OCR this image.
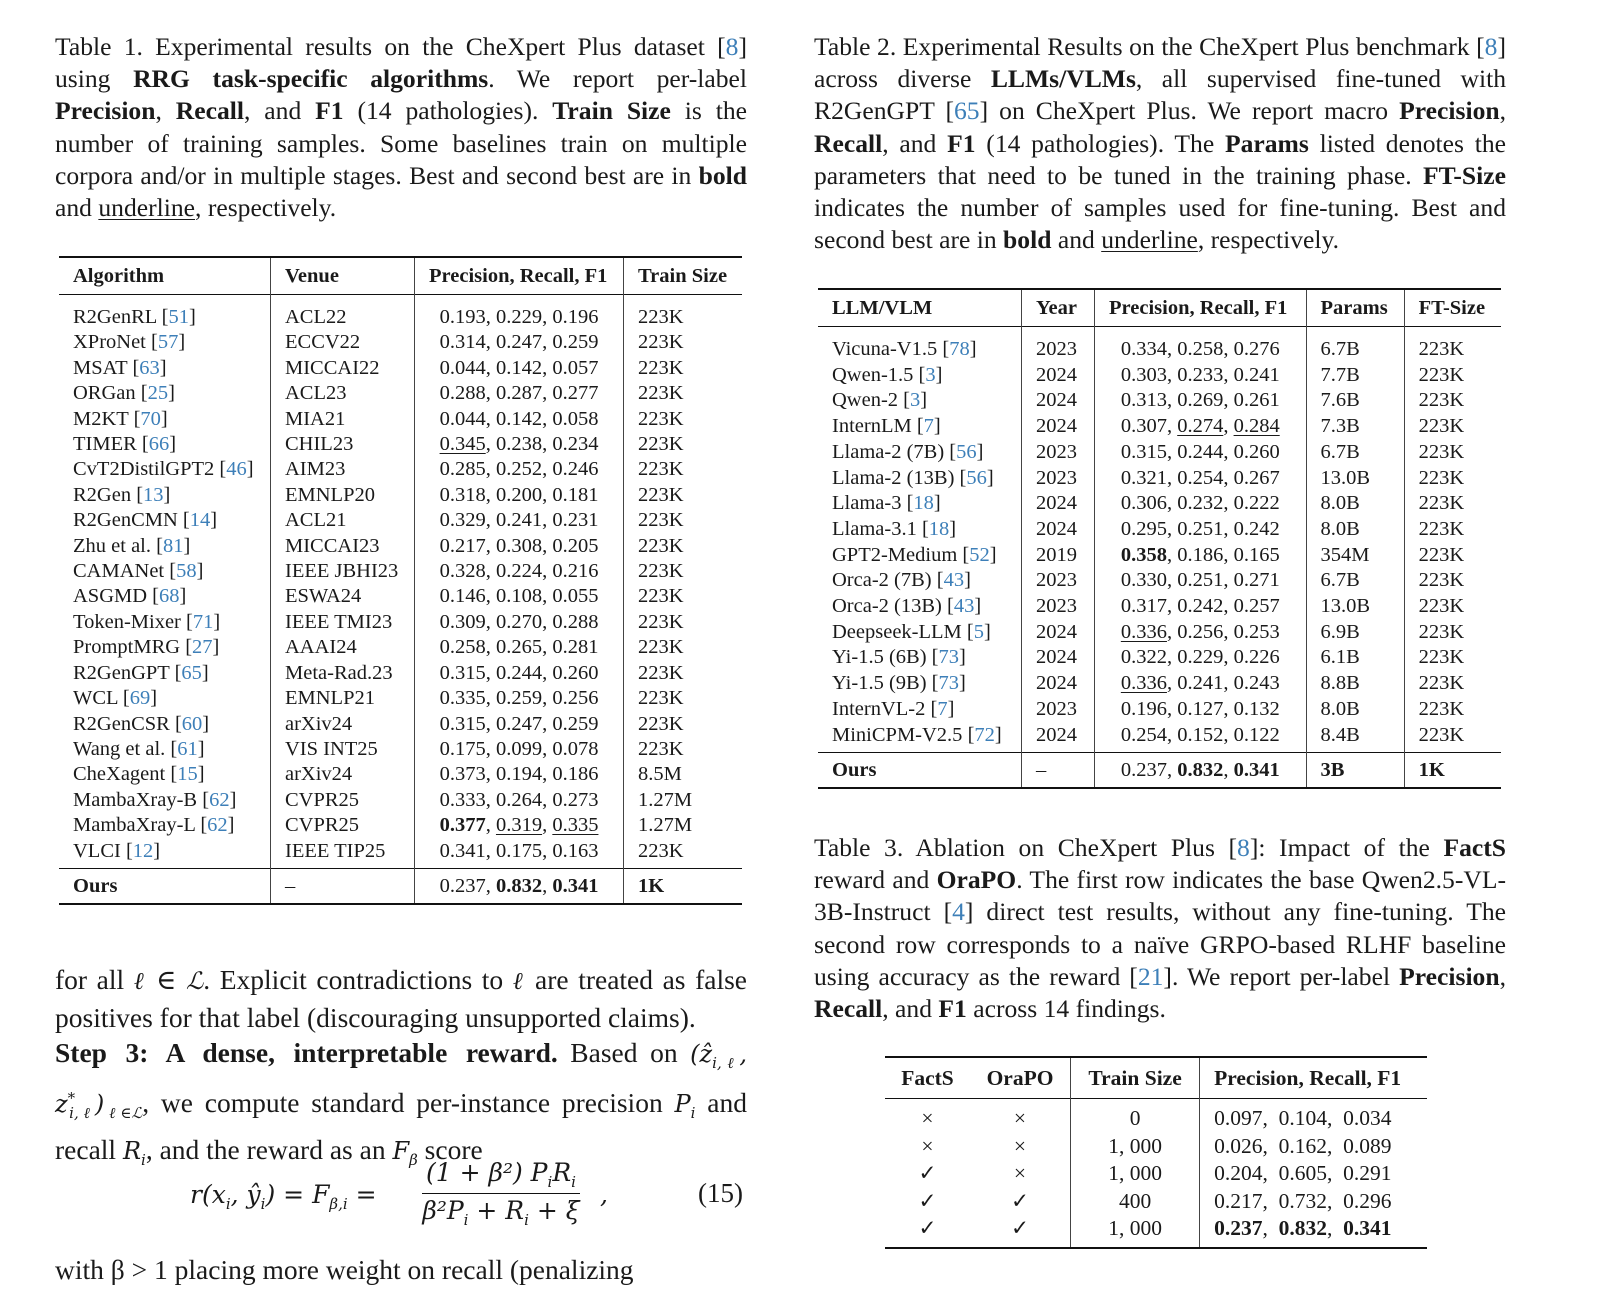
Table 1. Experimental results on the CheXpert Plus dataset [8] using RRG task-specific algorithms. We report per-label Precision, Recall, and F1 (14 pathologies). Train Size is the number of training samples. Some baselines train on multiple corpora and/or in multiple stages. Best and second best are in bold and underline, respectively.
Algorithm	Venue	Precision, Recall, F1	Train Size
R2GenRL [51]	ACL22	0.193, 0.229, 0.196	223K
XProNet [57]	ECCV22	0.314, 0.247, 0.259	223K
MSAT [63]	MICCAI22	0.044, 0.142, 0.057	223K
ORGan [25]	ACL23	0.288, 0.287, 0.277	223K
M2KT [70]	MIA21	0.044, 0.142, 0.058	223K
TIMER [66]	CHIL23	0.345, 0.238, 0.234	223K
CvT2DistilGPT2 [46]	AIM23	0.285, 0.252, 0.246	223K
R2Gen [13]	EMNLP20	0.318, 0.200, 0.181	223K
R2GenCMN [14]	ACL21	0.329, 0.241, 0.231	223K
Zhu et al. [81]	MICCAI23	0.217, 0.308, 0.205	223K
CAMANet [58]	IEEE JBHI23	0.328, 0.224, 0.216	223K
ASGMD [68]	ESWA24	0.146, 0.108, 0.055	223K
Token-Mixer [71]	IEEE TMI23	0.309, 0.270, 0.288	223K
PromptMRG [27]	AAAI24	0.258, 0.265, 0.281	223K
R2GenGPT [65]	Meta-Rad.23	0.315, 0.244, 0.260	223K
WCL [69]	EMNLP21	0.335, 0.259, 0.256	223K
R2GenCSR [60]	arXiv24	0.315, 0.247, 0.259	223K
Wang et al. [61]	VIS INT25	0.175, 0.099, 0.078	223K
CheXagent [15]	arXiv24	0.373, 0.194, 0.186	8.5M
MambaXray-B [62]	CVPR25	0.333, 0.264, 0.273	1.27M
MambaXray-L [62]	CVPR25	0.377, 0.319, 0.335	1.27M
VLCI [12]	IEEE TIP25	0.341, 0.175, 0.163	223K
Ours	–	0.237, 0.832, 0.341	1K
Table 2. Experimental Results on the CheXpert Plus benchmark [8] across diverse LLMs/VLMs, all supervised fine-tuned with R2GenGPT [65] on CheXpert Plus. We report macro Precision, Recall, and F1 (14 pathologies). The Params listed denotes the parameters that need to be tuned in the training phase. FT-Size indicates the number of samples used for fine-tuning. Best and second best are in bold and underline, respectively.
LLM/VLM	Year	Precision, Recall, F1	Params	FT-Size
Vicuna-V1.5 [78]	2023	0.334, 0.258, 0.276	6.7B	223K
Qwen-1.5 [3]	2024	0.303, 0.233, 0.241	7.7B	223K
Qwen-2 [3]	2024	0.313, 0.269, 0.261	7.6B	223K
InternLM [7]	2024	0.307, 0.274, 0.284	7.3B	223K
Llama-2 (7B) [56]	2023	0.315, 0.244, 0.260	6.7B	223K
Llama-2 (13B) [56]	2023	0.321, 0.254, 0.267	13.0B	223K
Llama-3 [18]	2024	0.306, 0.232, 0.222	8.0B	223K
Llama-3.1 [18]	2024	0.295, 0.251, 0.242	8.0B	223K
GPT2-Medium [52]	2019	0.358, 0.186, 0.165	354M	223K
Orca-2 (7B) [43]	2023	0.330, 0.251, 0.271	6.7B	223K
Orca-2 (13B) [43]	2023	0.317, 0.242, 0.257	13.0B	223K
Deepseek-LLM [5]	2024	0.336, 0.256, 0.253	6.9B	223K
Yi-1.5 (6B) [73]	2024	0.322, 0.229, 0.226	6.1B	223K
Yi-1.5 (9B) [73]	2024	0.336, 0.241, 0.243	8.8B	223K
InternVL-2 [7]	2023	0.196, 0.127, 0.132	8.0B	223K
MiniCPM-V2.5 [72]	2024	0.254, 0.152, 0.122	8.4B	223K
Ours	–	0.237, 0.832, 0.341	3B	1K
Table 3. Ablation on CheXpert Plus [8]: Impact of the FactS reward and OraPO. The first row indicates the base Qwen2.5-VL-3B-Instruct [4] direct test results, without any fine-tuning. The second row corresponds to a naïve GRPO-based RLHF baseline using accuracy as the reward [21]. We report per-label Precision, Recall, and F1 across 14 findings.
FactS	OraPO	Train Size	Precision, Recall, F1
×	×	0	0.097,  0.104,  0.034
×	×	1, 000	0.026,  0.162,  0.089
✓	×	1, 000	0.204,  0.605,  0.291
✓	✓	400	0.217,  0.732,  0.296
✓	✓	1, 000	0.237,  0.832,  0.341
for all ℓ ∈ ℒ. Explicit contradictions to ℓ are treated as false positives for that label (discouraging unsupported claims).
Step 3: A dense, interpretable reward. Based on (ẑ$_{i,\ell}$, $z^*_{i,\ell})_{\ell\in ℒ}$, we compute standard per-instance precision $P_i$ and recall $R_i$, and the reward as an $F_\beta$ score
$r(x_i$, $ŷ_i) = F_{\beta,i}$ =
(1 + β²) $P_iR_i$
$\beta^2P_i + R_i + \xi$
,	(15)
with β > 1 placing more weight on recall (penalizing
